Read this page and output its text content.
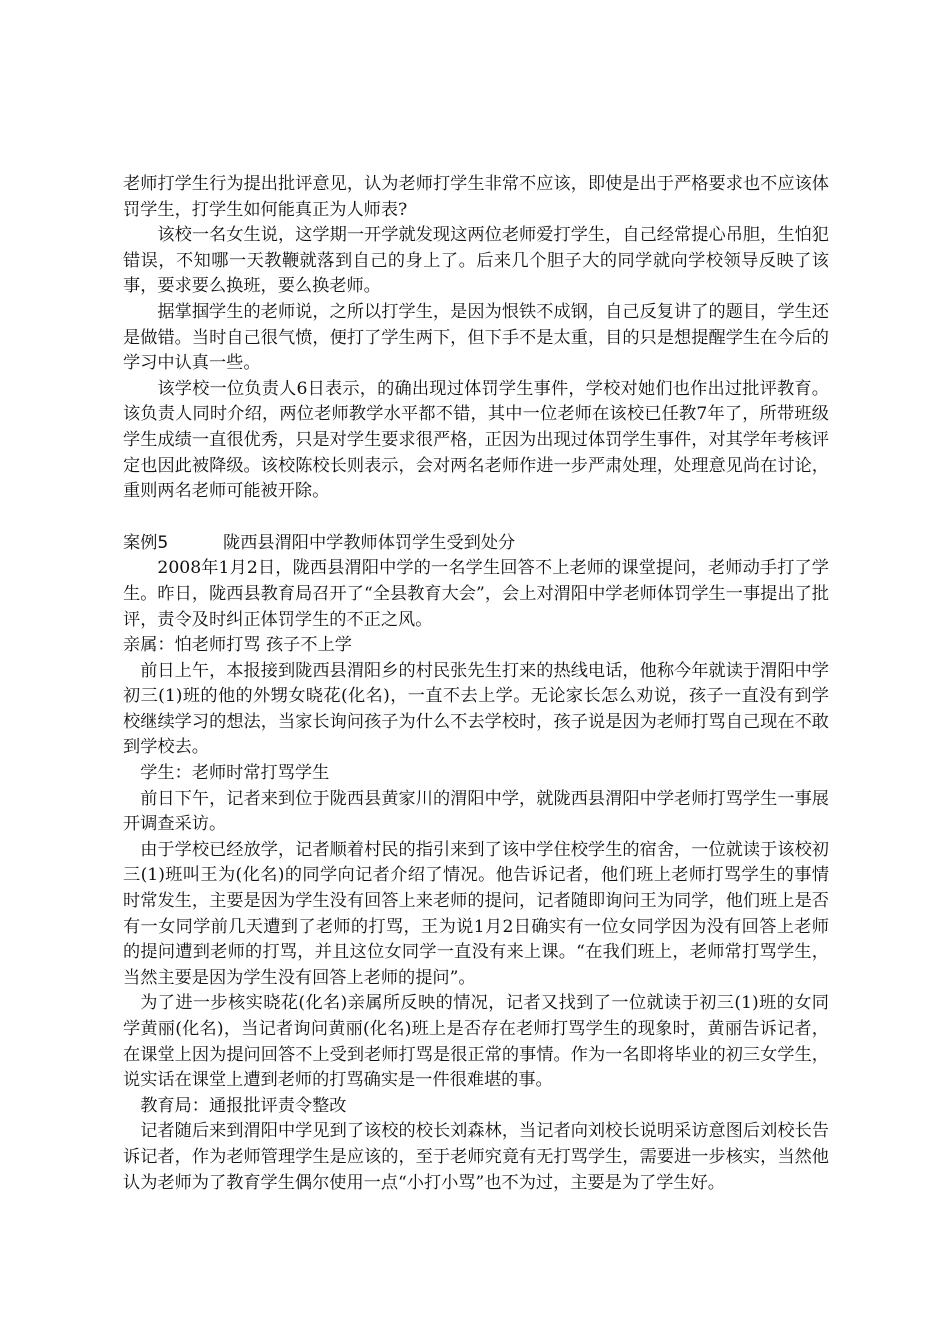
老师打学生行为提出批评意见，认为老师打学生非常不应该，即使是出于严格要求也不应该体罚学生，打学生如何能真正为人师表?

该校一名女生说，这学期一开学就发现这两位老师爱打学生，自己经常提心吊胆，生怕犯错误，不知哪一天教鞭就落到自己的身上了。后来几个胆子大的同学就向学校领导反映了该事，要求要么换班，要么换老师。

据掌掴学生的老师说，之所以打学生，是因为恨铁不成钢，自己反复讲了的题目，学生还是做错。当时自己很气愤，便打了学生两下，但下手不是太重，目的只是想提醒学生在今后的学习中认真一些。

该学校一位负责人6日表示，的确出现过体罚学生事件，学校对她们也作出过批评教育。该负责人同时介绍，两位老师教学水平都不错，其中一位老师在该校已任教7年了，所带班级学生成绩一直很优秀，只是对学生要求很严格，正因为出现过体罚学生事件，对其学年考核评定也因此被降级。该校陈校长则表示，会对两名老师作进一步严肃处理，处理意见尚在讨论，重则两名老师可能被开除。

案例5	陇西县渭阳中学教师体罚学生受到处分

2008年1月2日，陇西县渭阳中学的一名学生回答不上老师的课堂提问，老师动手打了学生。昨日，陇西县教育局召开了“全县教育大会”，会上对渭阳中学老师体罚学生一事提出了批评，责令及时纠正体罚学生的不正之风。

亲属：怕老师打骂 孩子不上学

前日上午，本报接到陇西县渭阳乡的村民张先生打来的热线电话，他称今年就读于渭阳中学初三(1)班的他的外甥女晓花(化名)，一直不去上学。无论家长怎么劝说，孩子一直没有到学校继续学习的想法，当家长询问孩子为什么不去学校时，孩子说是因为老师打骂自己现在不敢到学校去。

学生：老师时常打骂学生

前日下午，记者来到位于陇西县黄家川的渭阳中学，就陇西县渭阳中学老师打骂学生一事展开调查采访。

由于学校已经放学，记者顺着村民的指引来到了该中学住校学生的宿舍，一位就读于该校初三(1)班叫王为(化名)的同学向记者介绍了情况。他告诉记者，他们班上老师打骂学生的事情时常发生，主要是因为学生没有回答上来老师的提问，记者随即询问王为同学，他们班上是否有一女同学前几天遭到了老师的打骂，王为说1月2日确实有一位女同学因为没有回答上老师的提问遭到老师的打骂，并且这位女同学一直没有来上课。“在我们班上，老师常打骂学生，当然主要是因为学生没有回答上老师的提问”。

为了进一步核实晓花(化名)亲属所反映的情况，记者又找到了一位就读于初三(1)班的女同学黄丽(化名)，当记者询问黄丽(化名)班上是否存在老师打骂学生的现象时，黄丽告诉记者，在课堂上因为提问回答不上受到老师打骂是很正常的事情。作为一名即将毕业的初三女学生，说实话在课堂上遭到老师的打骂确实是一件很难堪的事。

教育局：通报批评责令整改

记者随后来到渭阳中学见到了该校的校长刘森林，当记者向刘校长说明采访意图后刘校长告诉记者，作为老师管理学生是应该的，至于老师究竟有无打骂学生，需要进一步核实，当然他认为老师为了教育学生偶尔使用一点“小打小骂”也不为过，主要是为了学生好。
